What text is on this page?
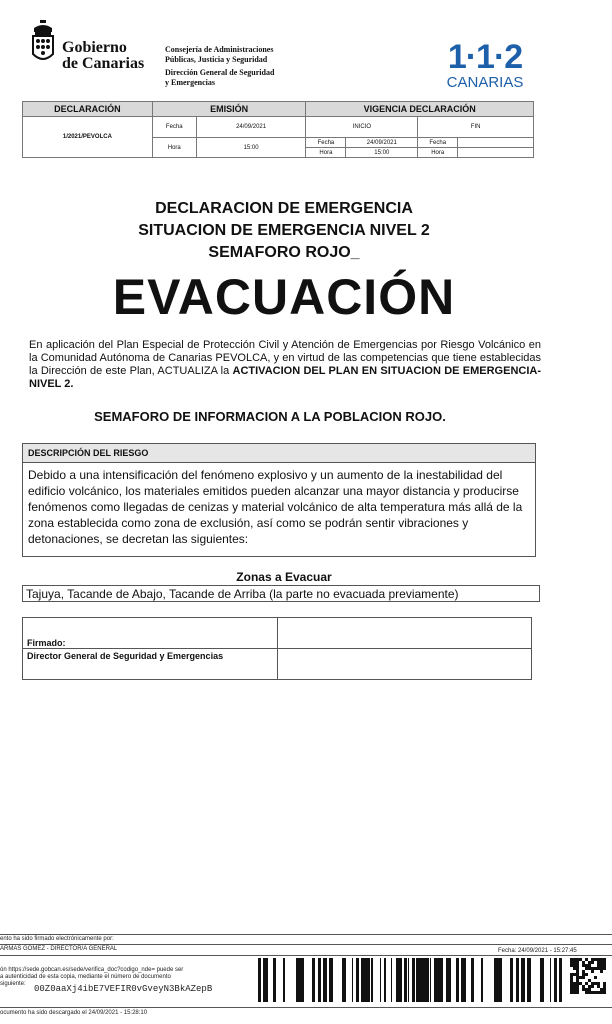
Gobierno
de Canarias
Consejería de Administraciones
Públicas, Justicia y Seguridad
Dirección General de Seguridad
y Emergencias
1·1·2
CANARIAS
DECLARACIÓN	EMISIÓN		VIGENCIA DECLARACIÓN			
1/2021/PEVOLCA	Fecha	24/09/2021	INICIO		FIN	

	Hora	15:00	Fecha	24/09/2021	Fecha	
			Hora	15:00	Hora	
DECLARACION DE EMERGENCIA
SITUACION DE EMERGENCIA NIVEL 2
SEMAFORO ROJO_
EVACUACIÓN
En aplicación del Plan Especial de Protección Civil y Atención de Emergencias por Riesgo Volcánico en la Comunidad Autónoma de Canarias PEVOLCA, y en virtud de las competencias que tiene establecidas la Dirección de este Plan, ACTUALIZA la ACTIVACION DEL PLAN EN SITUACION DE EMERGENCIA- NIVEL 2.
SEMAFORO DE INFORMACION A LA POBLACION ROJO.
DESCRIPCIÓN DEL RIESGO
Debido a una intensificación del fenómeno explosivo y un aumento de la inestabilidad del edificio volcánico, los materiales emitidos pueden alcanzar una mayor distancia y producirse fenómenos como llegadas de cenizas y material volcánico de alta temperatura más allá de la zona establecida como zona de exclusión, así como se podrán sentir vibraciones y detonaciones, se decretan las siguientes:
Zonas a Evacuar
Tajuya, Tacande de Abajo, Tacande de Arriba (la parte no evacuada previamente)
Firmado:	
Director General de Seguridad y Emergencias	
ento ha sido firmado electrónicamente por:
ARMAS GOMEZ - DIRECTOR/A GENERAL	Fecha: 24/09/2021 - 15:27:45
ón https://sede.gobcan.es/sede/verifica_doc?codigo_nde= puede ser
a autenticidad de esta copia, mediante el número de documento
siguiente: 00Z0aaXj4ibE7VEFIR0vGveyN3BkAZepB
ocumento ha sido descargado el 24/09/2021 - 15:28:10
